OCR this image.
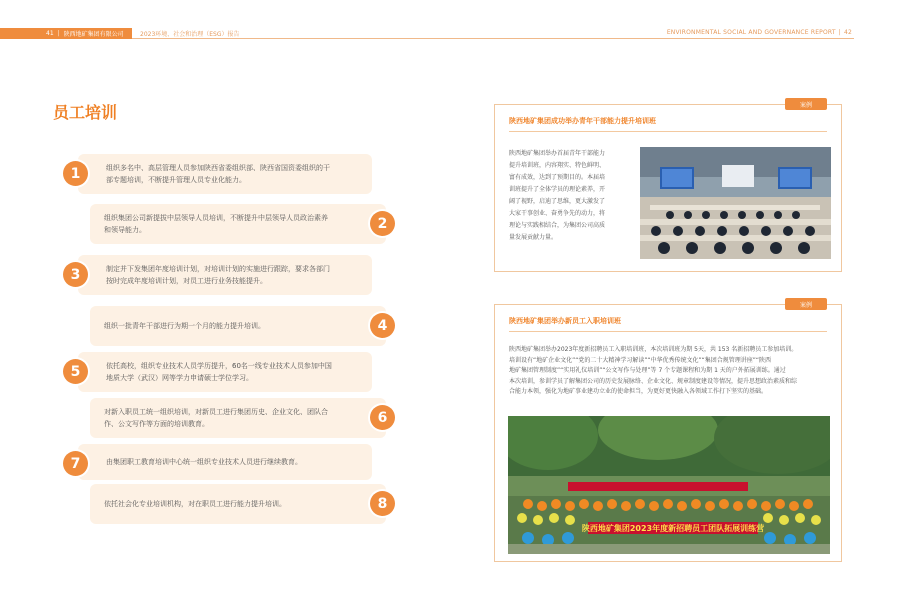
41 | 陕西地矿集团有限公司	2023环境、社会和治理（ESG）报告	ENVIRONMENTAL SOCIAL AND GOVERNANCE REPORT | 42
员工培训
组织多名中、高层管理人员参加陕西省委组织部、陕西省国资委组织的干
部专题培训，不断提升管理人员专业化能力。
1
组织集团公司新提拔中层领导人员培训，不断提升中层领导人员政治素养
和领导能力。	2
制定并下发集团年度培训计划，对培训计划的实施进行跟踪，要求各部门
按时完成年度培训计划，对员工进行业务技能提升。
3
组织一批青年干部进行为期一个月的能力提升培训。	4
依托高校，组织专业技术人员学历提升，60名一线专业技术人员参加中国
地质大学（武汉）网等学力申请硕士学位学习。
5
对新入职员工统一组织培训，对新员工进行集团历史、企业文化、团队合
作、公文写作等方面的培训教育。	6
由集团职工教育培训中心统一组织专业技术人员进行继续教育。
7
依托社会化专业培训机构，对在职员工进行能力提升培训。	8
案例
陕西地矿集团成功举办青年干部能力提升培训班
陕西地矿集团举办首届青年干部能力
提升培训班，内容翔实、特色鲜明、
富有成效，达到了预期目的。本届培
训班提升了全体学员的理论素养，开
阔了视野，启迪了思维，更大激发了
大家干事创业、奋勇争先的动力，将
理论与实践相结合，为集团公司高质
量发展贡献力量。
案例
陕西地矿集团举办新员工入职培训班
陕西地矿集团举办2023年度新招聘员工入职培训班，本次培训班为期 5天，共 153 名新招聘员工参加培训。
培训设有“地矿企业文化”“党的二十大精神学习解读”“中华优秀传统文化”“集团合规管理讲座”“陕西
地矿集团管理制度”“实用礼仪培训”“公文写作与处理”等 7 个专题课程和为期 1 天的户外拓展训练。通过
本次培训，参训学员了解集团公司的历史发展脉络、企业文化、规章制度建设等情况，提升思想政治素质和综
合能力本领，强化为地矿事业建功立业的使命担当，为更好更快融入各领域工作打下坚实的基础。
陕西地矿集团2023年度新招聘员工团队拓展训练营
